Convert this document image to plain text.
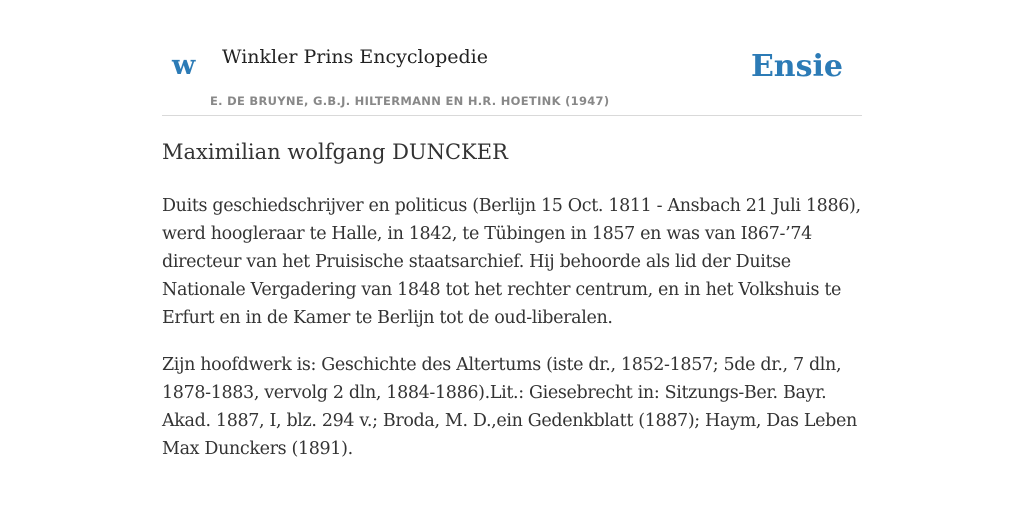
w Winkler Prins Encyclopedie
E. DE BRUYNE, G.B.J. HILTERMANN EN H.R. HOETINK (1947)
Ensie
Maximilian wolfgang DUNCKER

Duits geschiedschrijver en politicus (Berlijn 15 Oct. 1811 - Ansbach 21 Juli 1886), werd hoogleraar te Halle, in 1842, te Tübingen in 1857 en was van I867-’74 directeur van het Pruisische staatsarchief. Hij behoorde als lid der Duitse Nationale Vergadering van 1848 tot het rechter centrum, en in het Volkshuis te Erfurt en in de Kamer te Berlijn tot de oud-liberalen.

Zijn hoofdwerk is: Geschichte des Altertums (iste dr., 1852-1857; 5de dr., 7 dln, 1878-1883, vervolg 2 dln, 1884-1886).Lit.: Giesebrecht in: Sitzungs-Ber. Bayr. Akad. 1887, I, blz. 294 v.; Broda, M. D.,ein Gedenkblatt (1887); Haym, Das Leben Max Dunckers (1891).
